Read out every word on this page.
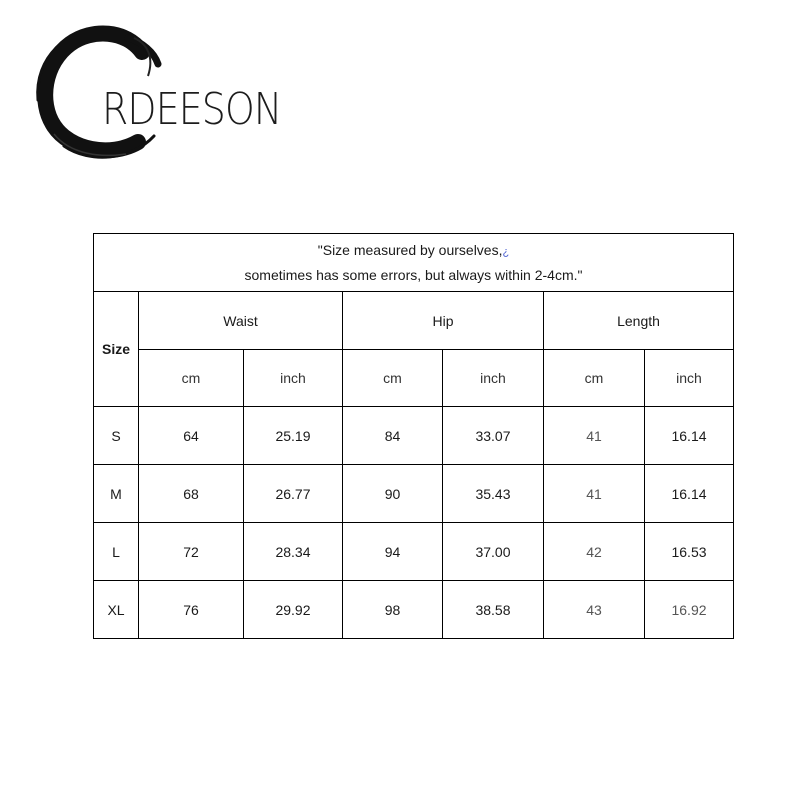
RDEESON
"Size measured by ourselves,¿
sometimes has some errors, but always within 2-4cm."						
Size	Waist		Hip		Length	
	cm	inch	cm	inch	cm	inch
S	64	25.19	84	33.07	41	16.14
M	68	26.77	90	35.43	41	16.14
L	72	28.34	94	37.00	42	16.53
XL	76	29.92	98	38.58	43	16.92
